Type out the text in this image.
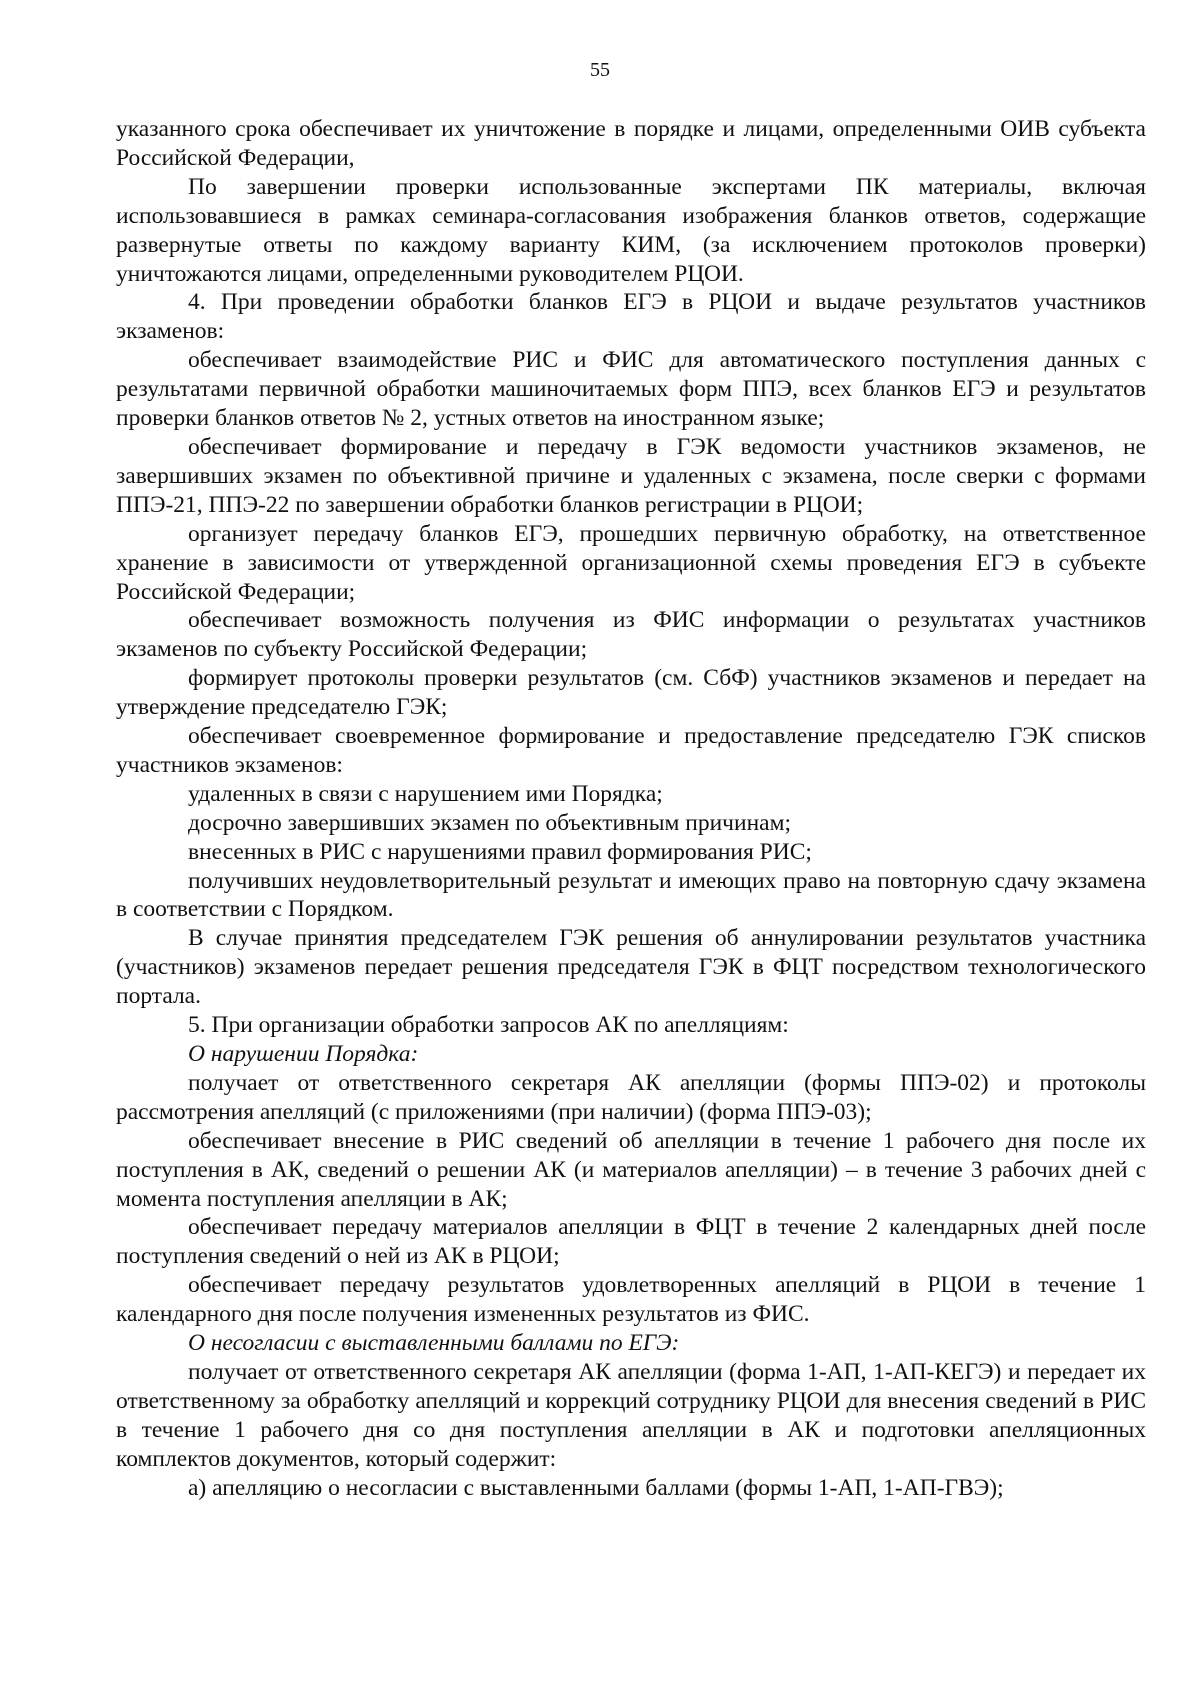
55

указанного срока обеспечивает их уничтожение в порядке и лицами, определенными ОИВ субъекта Российской Федерации,

По завершении проверки использованные экспертами ПК материалы, включая использовавшиеся в рамках семинара-согласования изображения бланков ответов, содержащие развернутые ответы по каждому варианту КИМ, (за исключением протоколов проверки) уничтожаются лицами, определенными руководителем РЦОИ.

4. При проведении обработки бланков ЕГЭ в РЦОИ и выдаче результатов участников экзаменов:

обеспечивает взаимодействие РИС и ФИС для автоматического поступления данных с результатами первичной обработки машиночитаемых форм ППЭ, всех бланков ЕГЭ и результатов проверки бланков ответов № 2, устных ответов на иностранном языке;

обеспечивает формирование и передачу в ГЭК ведомости участников экзаменов, не завершивших экзамен по объективной причине и удаленных с экзамена, после сверки с формами ППЭ-21, ППЭ-22 по завершении обработки бланков регистрации в РЦОИ;

организует передачу бланков ЕГЭ, прошедших первичную обработку, на ответственное хранение в зависимости от утвержденной организационной схемы проведения ЕГЭ в субъекте Российской Федерации;

обеспечивает возможность получения из ФИС информации о результатах участников экзаменов по субъекту Российской Федерации;

формирует протоколы проверки результатов (см. СбФ) участников экзаменов и передает на утверждение председателю ГЭК;

обеспечивает своевременное формирование и предоставление председателю ГЭК списков участников экзаменов:

удаленных в связи с нарушением ими Порядка;

досрочно завершивших экзамен по объективным причинам;

внесенных в РИС с нарушениями правил формирования РИС;

получивших неудовлетворительный результат и имеющих право на повторную сдачу экзамена в соответствии с Порядком.

В случае принятия председателем ГЭК решения об аннулировании результатов участника (участников) экзаменов передает решения председателя ГЭК в ФЦТ посредством технологического портала.

5. При организации обработки запросов АК по апелляциям:

О нарушении Порядка:

получает от ответственного секретаря АК апелляции (формы ППЭ-02) и протоколы рассмотрения апелляций (с приложениями (при наличии) (форма ППЭ-03);

обеспечивает внесение в РИС сведений об апелляции в течение 1 рабочего дня после их поступления в АК, сведений о решении АК (и материалов апелляции) – в течение 3 рабочих дней с момента поступления апелляции в АК;

обеспечивает передачу материалов апелляции в ФЦТ в течение 2 календарных дней после поступления сведений о ней из АК в РЦОИ;

обеспечивает передачу результатов удовлетворенных апелляций в РЦОИ в течение 1 календарного дня после получения измененных результатов из ФИС.

О несогласии с выставленными баллами по ЕГЭ:

получает от ответственного секретаря АК апелляции (форма 1-АП, 1-АП-КЕГЭ) и передает их ответственному за обработку апелляций и коррекций сотруднику РЦОИ для внесения сведений в РИС в течение 1 рабочего дня со дня поступления апелляции в АК и подготовки апелляционных комплектов документов, который содержит:

а) апелляцию о несогласии с выставленными баллами (формы 1-АП, 1-АП-ГВЭ);
